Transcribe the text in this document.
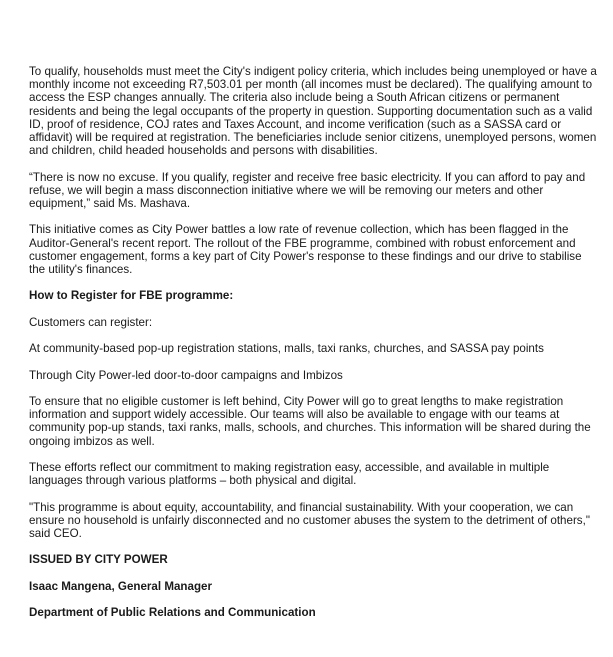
To qualify, households must meet the City's indigent policy criteria, which includes being unemployed or have a monthly income not exceeding R7,503.01 per month (all incomes must be declared). The qualifying amount to access the ESP changes annually. The criteria also include being a South African citizens or permanent residents and being the legal occupants of the property in question. Supporting documentation such as a valid ID, proof of residence, COJ rates and Taxes Account, and income verification (such as a SASSA card or affidavit) will be required at registration. The beneficiaries include senior citizens, unemployed persons, women and children, child headed households and persons with disabilities.

“There is now no excuse. If you qualify, register and receive free basic electricity. If you can afford to pay and refuse, we will begin a mass disconnection initiative where we will be removing our meters and other equipment,” said Ms. Mashava.

This initiative comes as City Power battles a low rate of revenue collection, which has been flagged in the Auditor-General's recent report. The rollout of the FBE programme, combined with robust enforcement and customer engagement, forms a key part of City Power's response to these findings and our drive to stabilise the utility's finances.

How to Register for FBE programme:

Customers can register:

At community-based pop-up registration stations, malls, taxi ranks, churches, and SASSA pay points

Through City Power-led door-to-door campaigns and Imbizos

To ensure that no eligible customer is left behind, City Power will go to great lengths to make registration information and support widely accessible. Our teams will also be available to engage with our teams at community pop-up stands, taxi ranks, malls, schools, and churches. This information will be shared during the ongoing imbizos as well.

These efforts reflect our commitment to making registration easy, accessible, and available in multiple languages through various platforms – both physical and digital.

"This programme is about equity, accountability, and financial sustainability. With your cooperation, we can ensure no household is unfairly disconnected and no customer abuses the system to the detriment of others," said CEO.

ISSUED BY CITY POWER

Isaac Mangena, General Manager

Department of Public Relations and Communication
